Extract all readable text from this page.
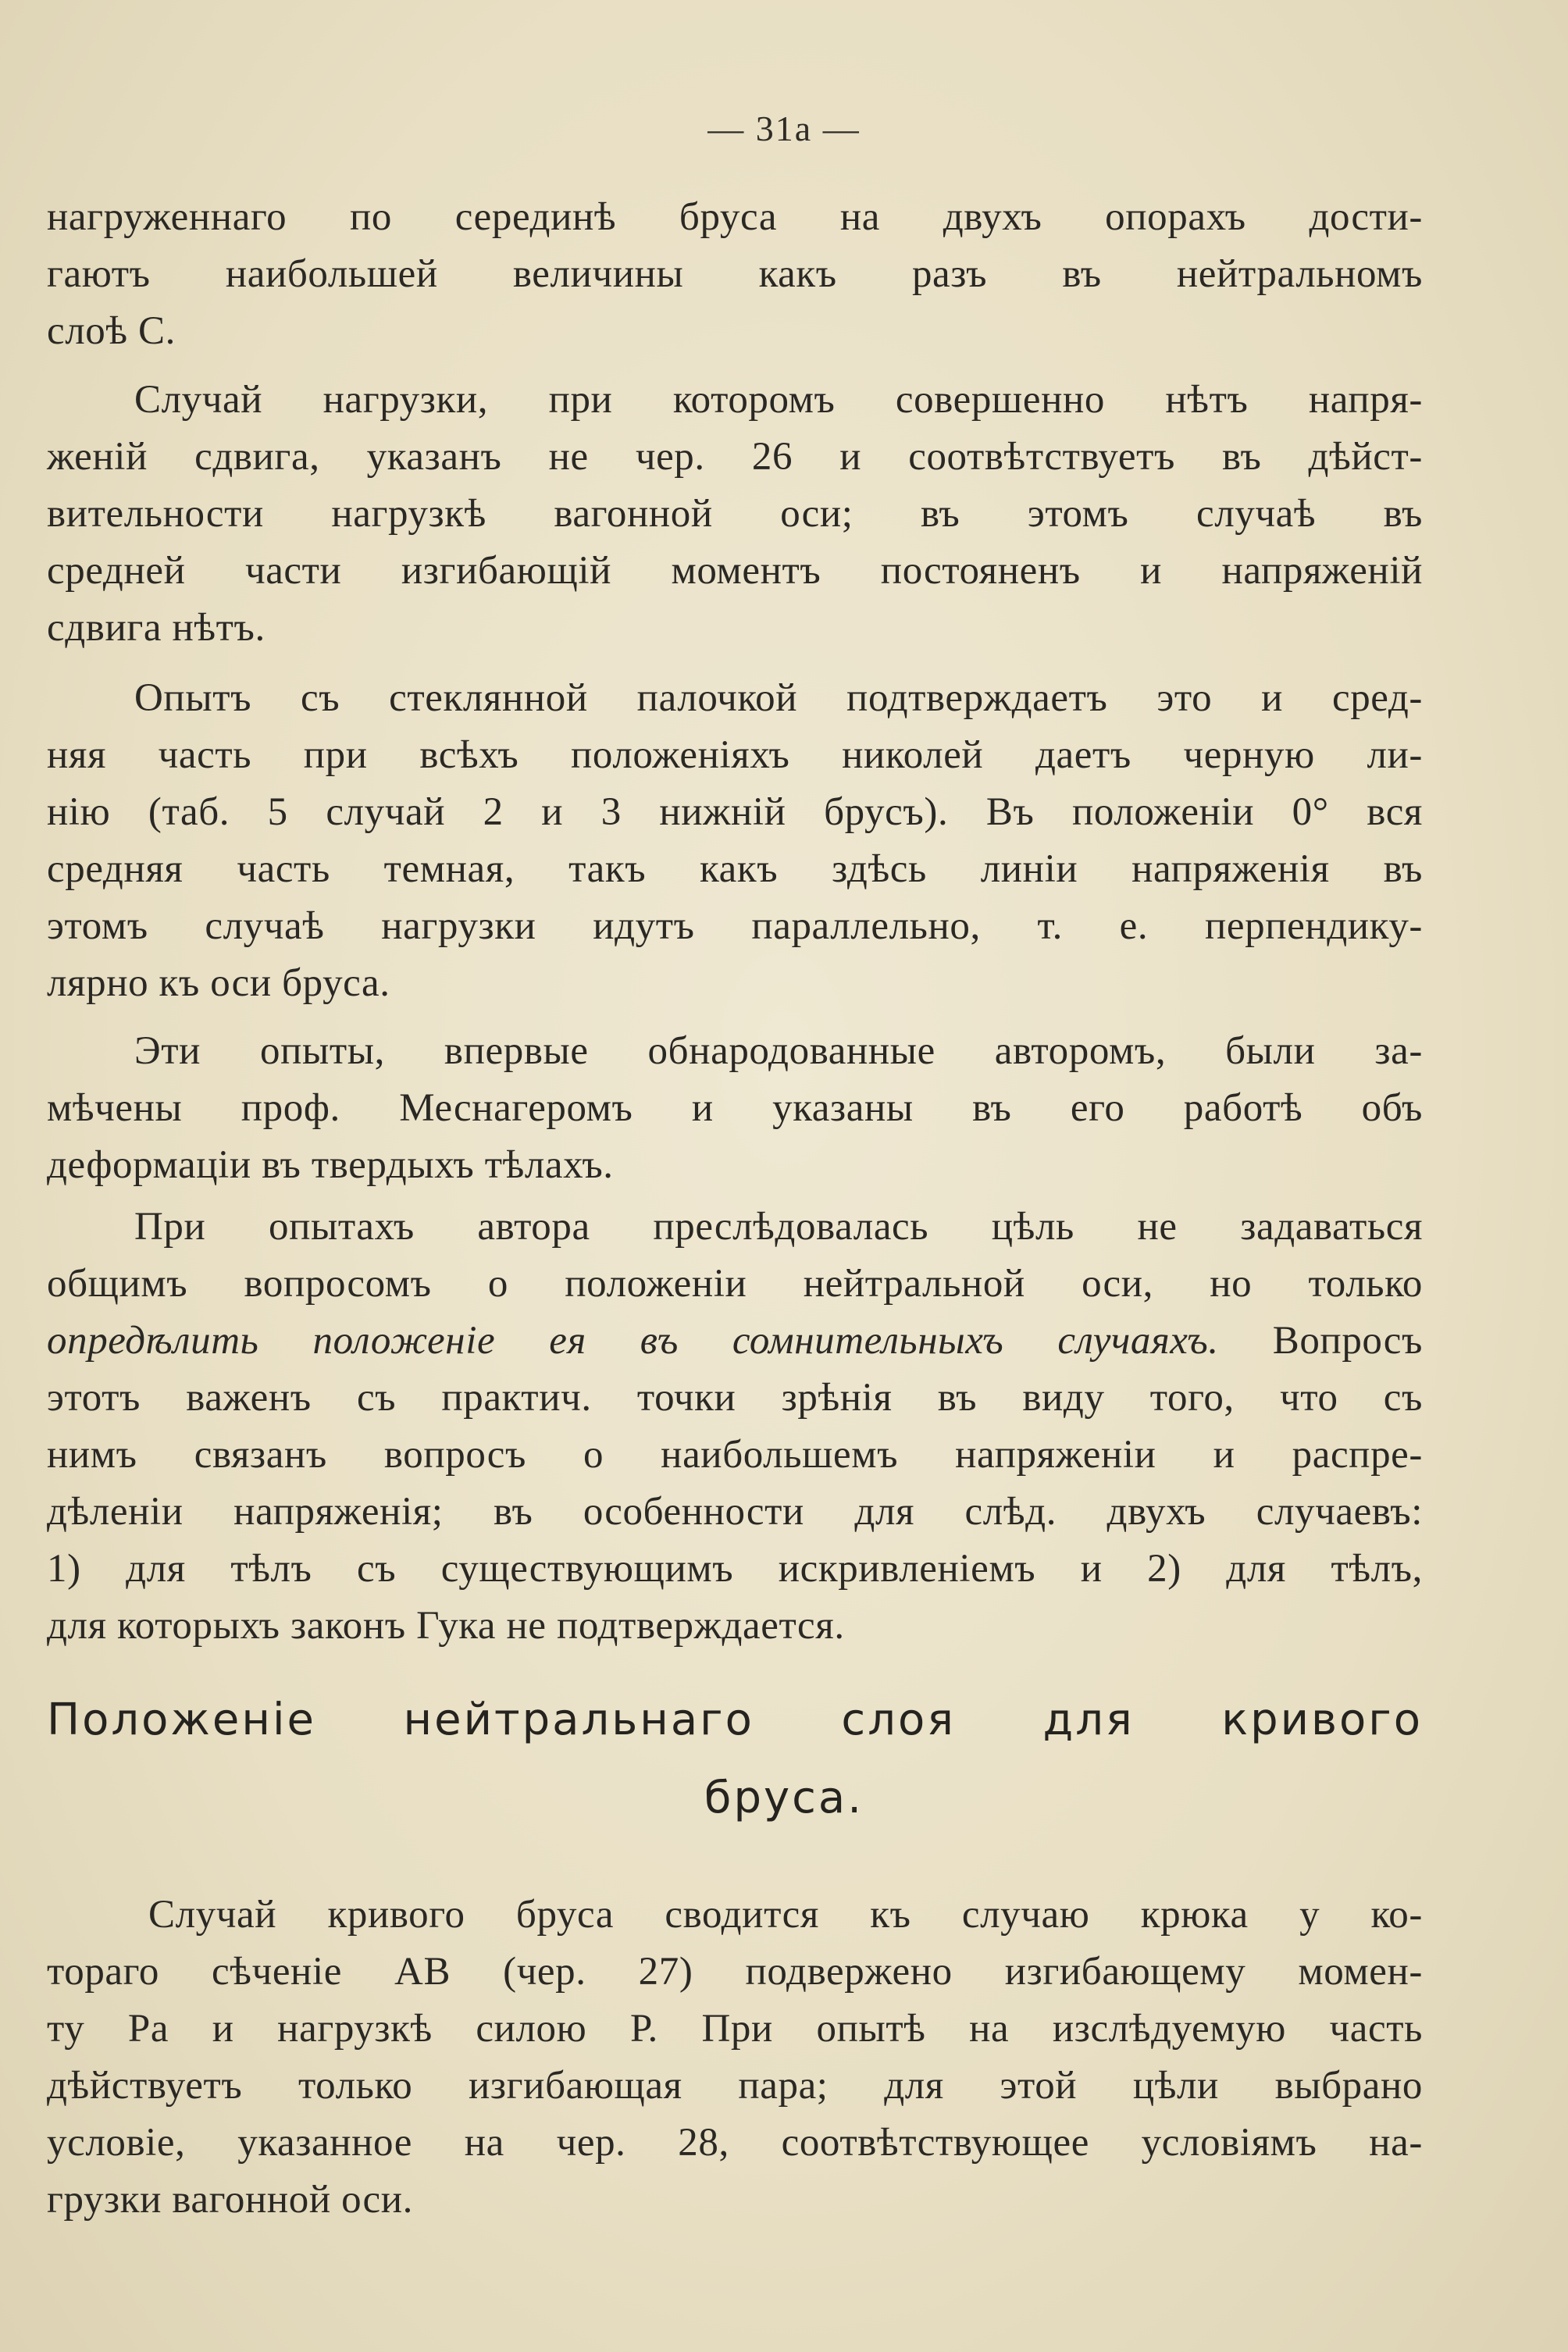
— 31а —
нагруженнаго по серединѣ бруса на двухъ опорахъ дости-
гаютъ наибольшей величины какъ разъ въ нейтральномъ
слоѣ С.
Случай нагрузки, при которомъ совершенно нѣтъ напря-
женій сдвига, указанъ не чер. 26 и соотвѣтствуетъ въ дѣйст-
вительности нагрузкѣ вагонной оси; въ этомъ случаѣ въ
средней части изгибающій моментъ постояненъ и напряженій
сдвига нѣтъ.
Опытъ съ стеклянной палочкой подтверждаетъ это и сред-
няя часть при всѣхъ положеніяхъ николей даетъ черную ли-
нію (таб. 5 случай 2 и 3 нижній брусъ). Въ положеніи 0° вся
средняя часть темная, такъ какъ здѣсь линіи напряженія въ
этомъ случаѣ нагрузки идутъ параллельно, т. е. перпендику-
лярно къ оси бруса.
Эти опыты, впервые обнародованные авторомъ, были за-
мѣчены проф. Меснагеромъ и указаны въ его работѣ объ
деформаціи въ твердыхъ тѣлахъ.
При опытахъ автора преслѣдовалась цѣль не задаваться
общимъ вопросомъ о положеніи нейтральной оси, но только
опредѣлить положеніе ея въ сомнительныхъ случаяхъ. Вопросъ
этотъ важенъ съ практич. точки зрѣнія въ виду того, что съ
нимъ связанъ вопросъ о наибольшемъ напряженіи и распре-
дѣленіи напряженія; въ особенности для слѣд. двухъ случаевъ:
1) для тѣлъ съ существующимъ искривленіемъ и 2) для тѣлъ,
для которыхъ законъ Гука не подтверждается.
Положеніе нейтральнаго слоя для кривого
бруса.
Случай кривого бруса сводится къ случаю крюка у ко-
тораго сѣченіе АВ (чер. 27) подвержено изгибающему момен-
ту Ра и нагрузкѣ силою Р. При опытѣ на изслѣдуемую часть
дѣйствуетъ только изгибающая пара; для этой цѣли выбрано
условіе, указанное на чер. 28, соотвѣтствующее условіямъ на-
грузки вагонной оси.
